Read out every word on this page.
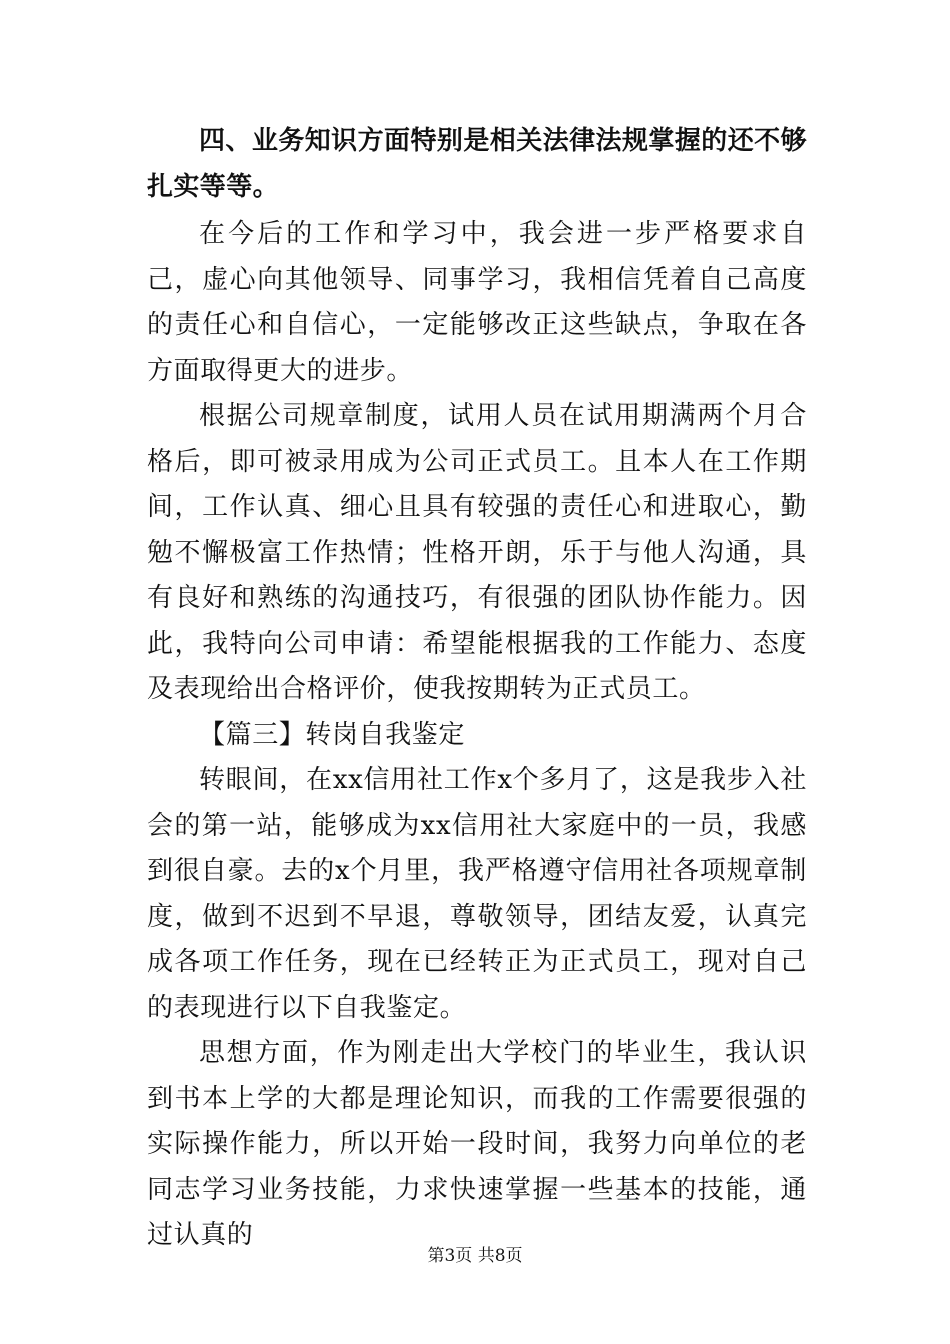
四、业务知识方面特别是相关法律法规掌握的还不够扎实等等。

在今后的工作和学习中，我会进一步严格要求自己，虚心向其他领导、同事学习，我相信凭着自己高度的责任心和自信心，一定能够改正这些缺点，争取在各方面取得更大的进步。

根据公司规章制度，试用人员在试用期满两个月合格后，即可被录用成为公司正式员工。且本人在工作期间，工作认真、细心且具有较强的责任心和进取心，勤勉不懈极富工作热情；性格开朗，乐于与他人沟通，具有良好和熟练的沟通技巧，有很强的团队协作能力。因此，我特向公司申请：希望能根据我的工作能力、态度及表现给出合格评价，使我按期转为正式员工。

【篇三】转岗自我鉴定

转眼间，在xx信用社工作x个多月了，这是我步入社会的第一站，能够成为xx信用社大家庭中的一员，我感到很自豪。去的x个月里，我严格遵守信用社各项规章制度，做到不迟到不早退，尊敬领导，团结友爱，认真完成各项工作任务，现在已经转正为正式员工，现对自己的表现进行以下自我鉴定。

思想方面，作为刚走出大学校门的毕业生，我认识到书本上学的大都是理论知识，而我的工作需要很强的实际操作能力，所以开始一段时间，我努力向单位的老同志学习业务技能，力求快速掌握一些基本的技能，通过认真的

第3页 共8页
